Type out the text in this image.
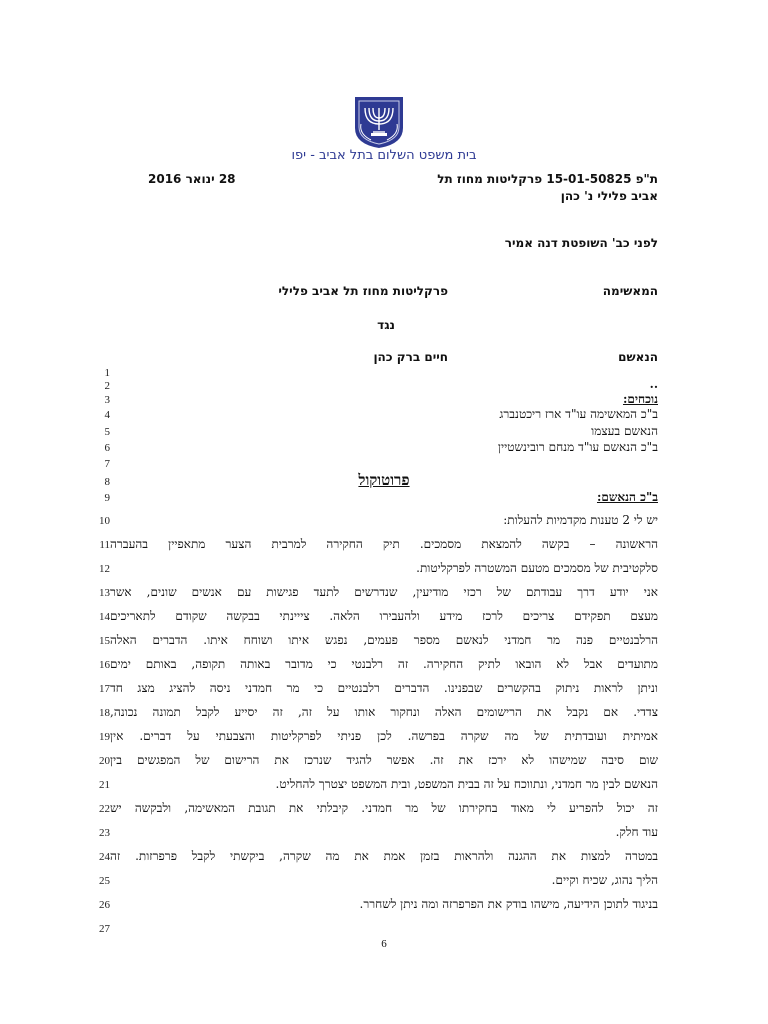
בית משפט השלום בתל אביב - יפו
ת"פ 15-01-50825 פרקליטות מחוז תל
אביב פלילי נ' כהן
28 ינואר 2016
לפני כב' השופטת דנה אמיר
המאשימה
פרקליטות מחוז תל אביב פלילי
נגד
הנאשם
חיים ברק כהן
1
2
3
4
5
6
7
8
9
10
11
12
13
14
15
16
17
18
19
20
21
22
23
24
25
26
27
..
נוכחים:
ב"כ המאשימה עו"ד ארז ריכטנברג
הנאשם בעצמו
ב"כ הנאשם עו"ד מנחם רובינשטיין
פרוטוקול
ב"כ הנאשם:
יש לי 2 טענות מקדמיות להעלות:
הראשונה – בקשה להמצאת מסמכים. תיק החקירה למרבית הצער מתאפיין בהעברה
סלקטיבית של מסמכים מטעם המשטרה לפרקליטות.
אני יודע דרך עבודתם של רכזי מודיעין, שנדרשים לתעד פגישות עם אנשים שונים, אשר
מעצם תפקידם צריכים לרכז מידע ולהעבירו הלאה. צייינתי בבקשה שקודם לתאריכים
הרלבנטיים פנה מר חמדני לנאשם מספר פעמים, נפגש איתו ושוחח איתו. הדברים האלה
מתועדים אבל לא הובאו לתיק החקירה. זה רלבנטי כי מדובר באותה תקופה, באותם ימים
וניתן לראות ניתוק בהקשרים שבפנינו. הדברים רלבנטיים כי מר חמדני ניסה להציג מצג חד
צדדי. אם נקבל את הרישומים האלה ונחקור אותו על זה, זה יסייע לקבל תמונה נכונה,
אמיתית ועובדתית של מה שקרה בפרשה. לכן פניתי לפרקליטות והצבעתי על דברים. אין
שום סיבה שמישהו לא ירכז את זה. אפשר להגיד שנרכז את הרישום של המפגשים בין
הנאשם לבין מר חמדני, ונתווכח על זה בבית המשפט, ובית המשפט יצטרך להחליט.
זה יכול להפריע לי מאוד בחקירתו של מר חמדני. קיבלתי את תגובת המאשימה, ולבקשה יש
עוד חלק.
במטרה למצות את ההגנה ולהראות בזמן אמת את מה שקרה, ביקשתי לקבל פרפרזות. זה
הליך נהוג, שכיח וקיים.
בניגוד לתוכן הידיעה, מישהו בודק את הפרפרזה ומה ניתן לשחרר.
6
